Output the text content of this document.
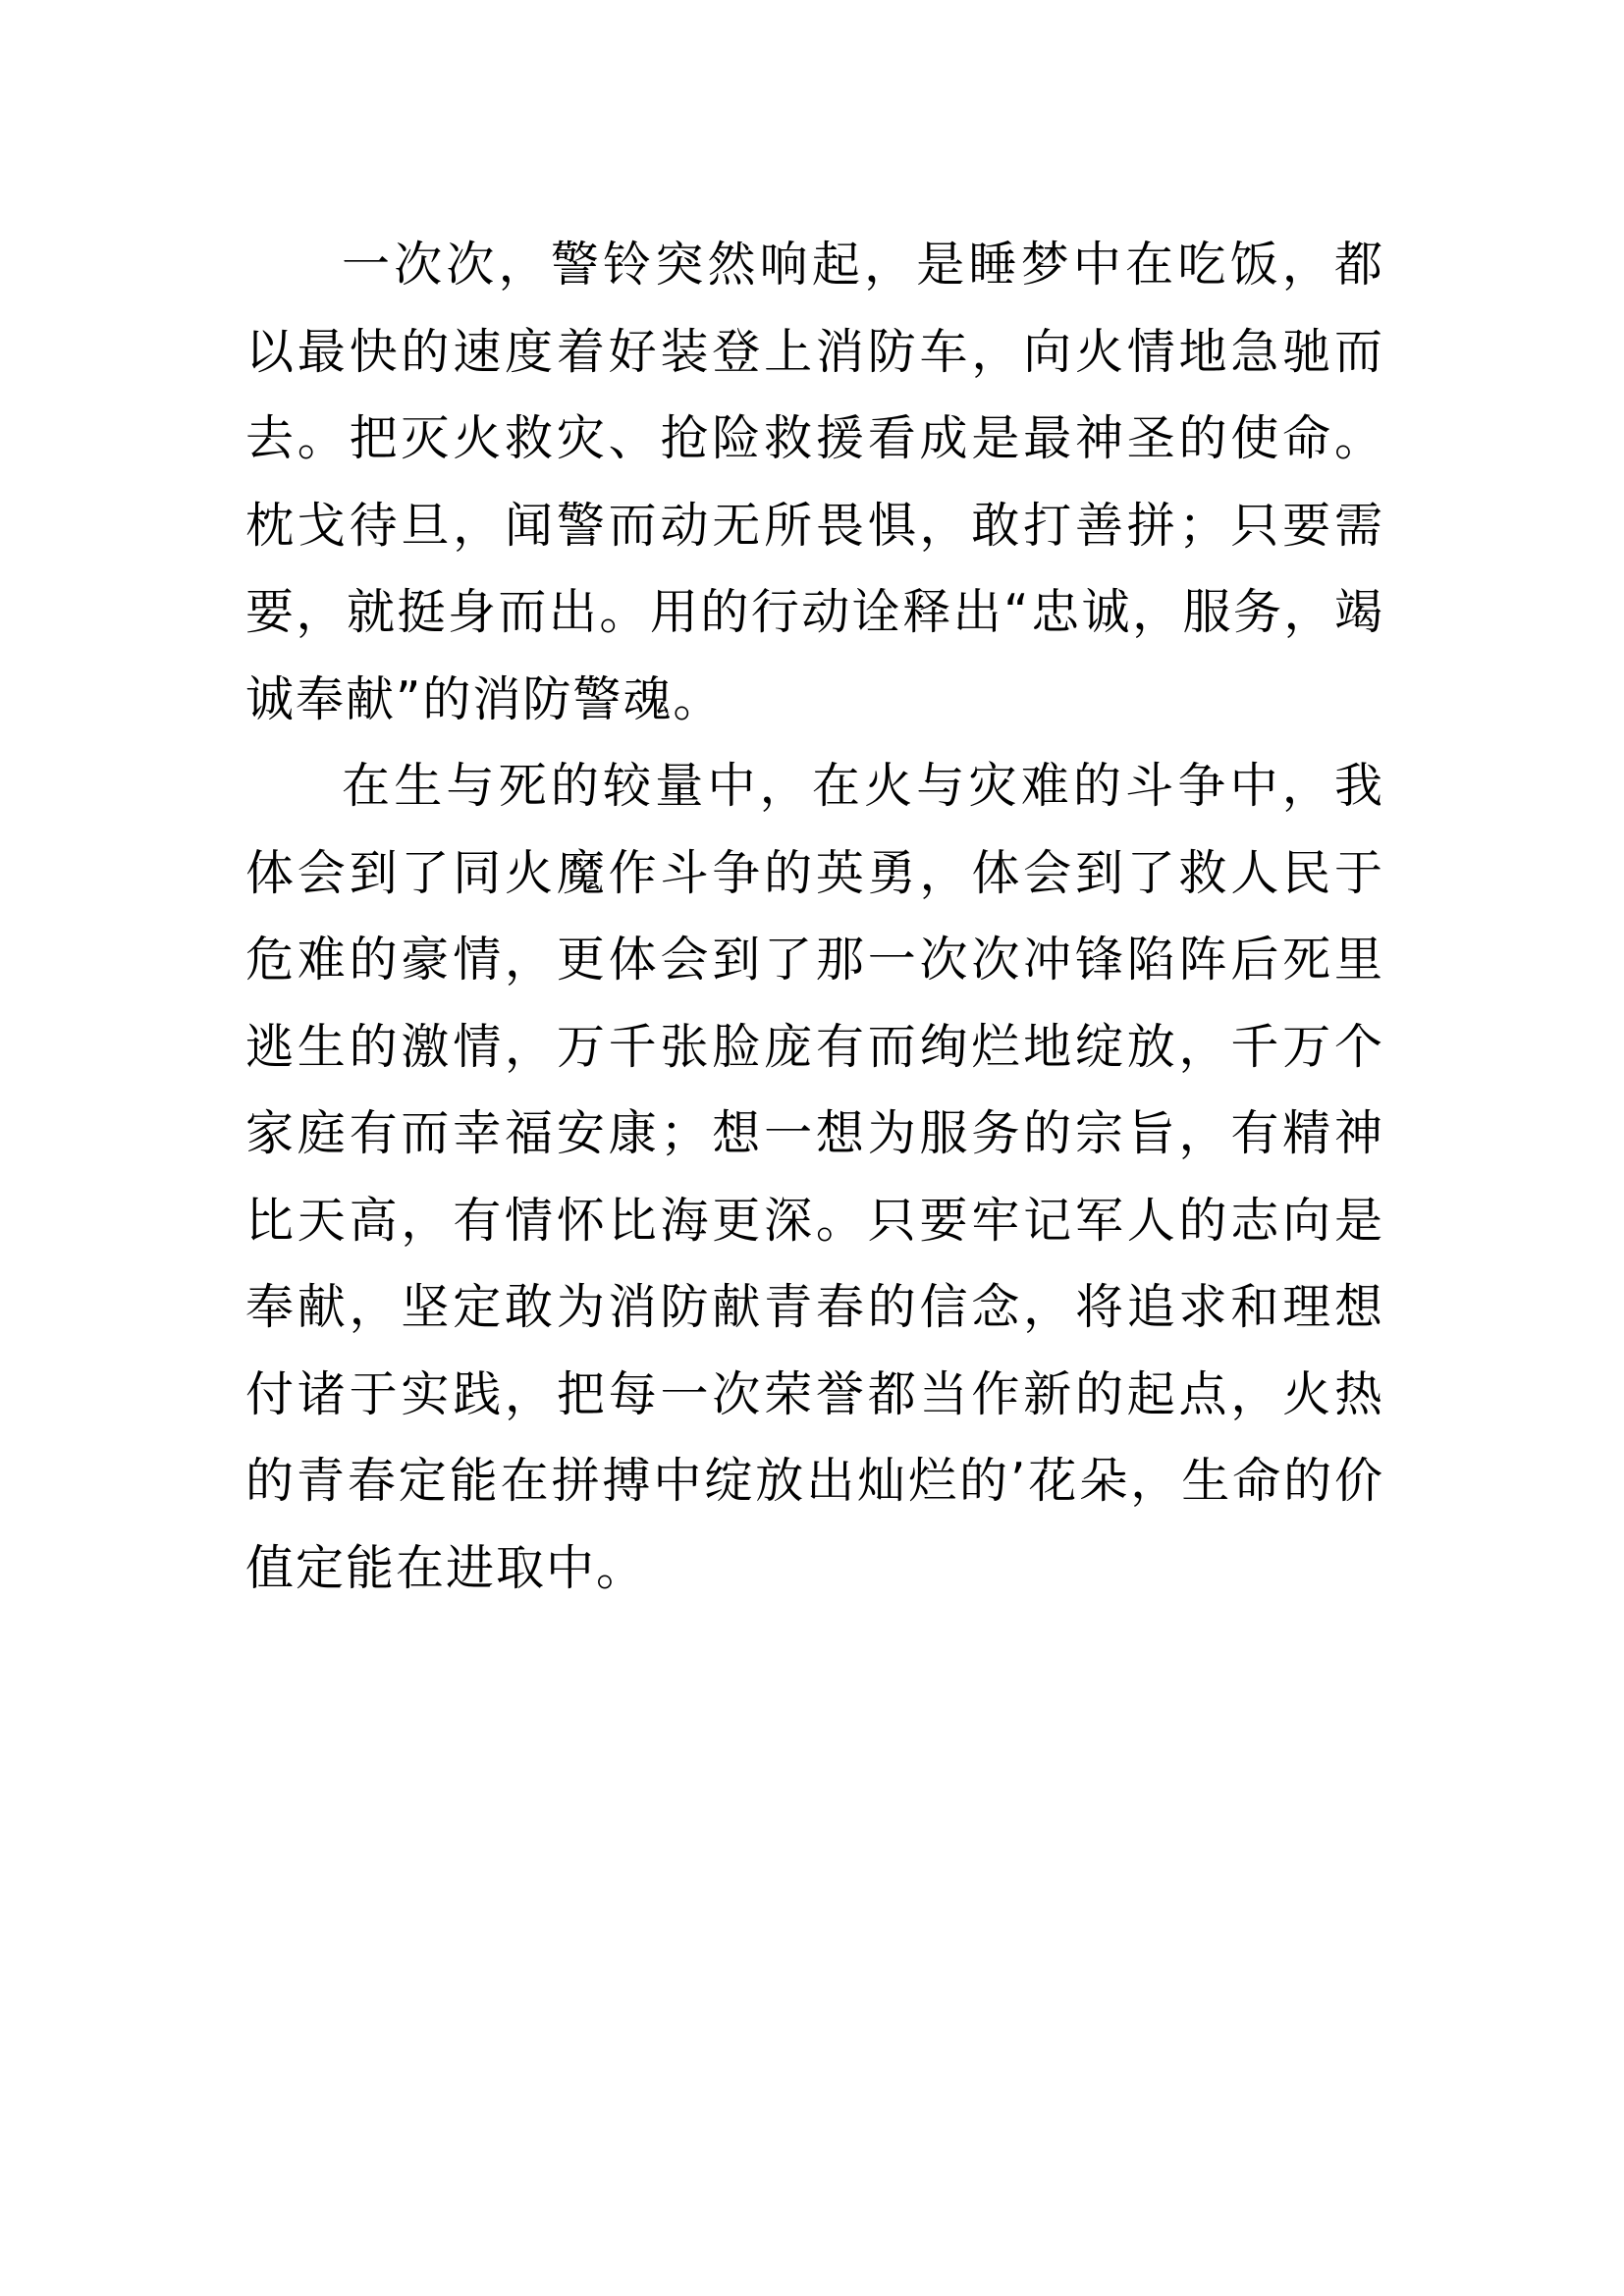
一次次，警铃突然响起，是睡梦中在吃饭，都以最快的速度着好装登上消防车，向火情地急驰而去。把灭火救灾、抢险救援看成是最神圣的使命。枕戈待旦，闻警而动无所畏惧，敢打善拼；只要需要，就挺身而出。用的行动诠释出“忠诚，服务，竭诚奉献”的消防警魂。

在生与死的较量中，在火与灾难的斗争中，我体会到了同火魔作斗争的英勇，体会到了救人民于危难的豪情，更体会到了那一次次冲锋陷阵后死里逃生的激情，万千张脸庞有而绚烂地绽放，千万个家庭有而幸福安康；想一想为服务的宗旨，有精神比天高，有情怀比海更深。只要牢记军人的志向是奉献，坚定敢为消防献青春的信念，将追求和理想付诸于实践，把每一次荣誉都当作新的起点，火热的青春定能在拼搏中绽放出灿烂的’花朵，生命的价值定能在进取中。
